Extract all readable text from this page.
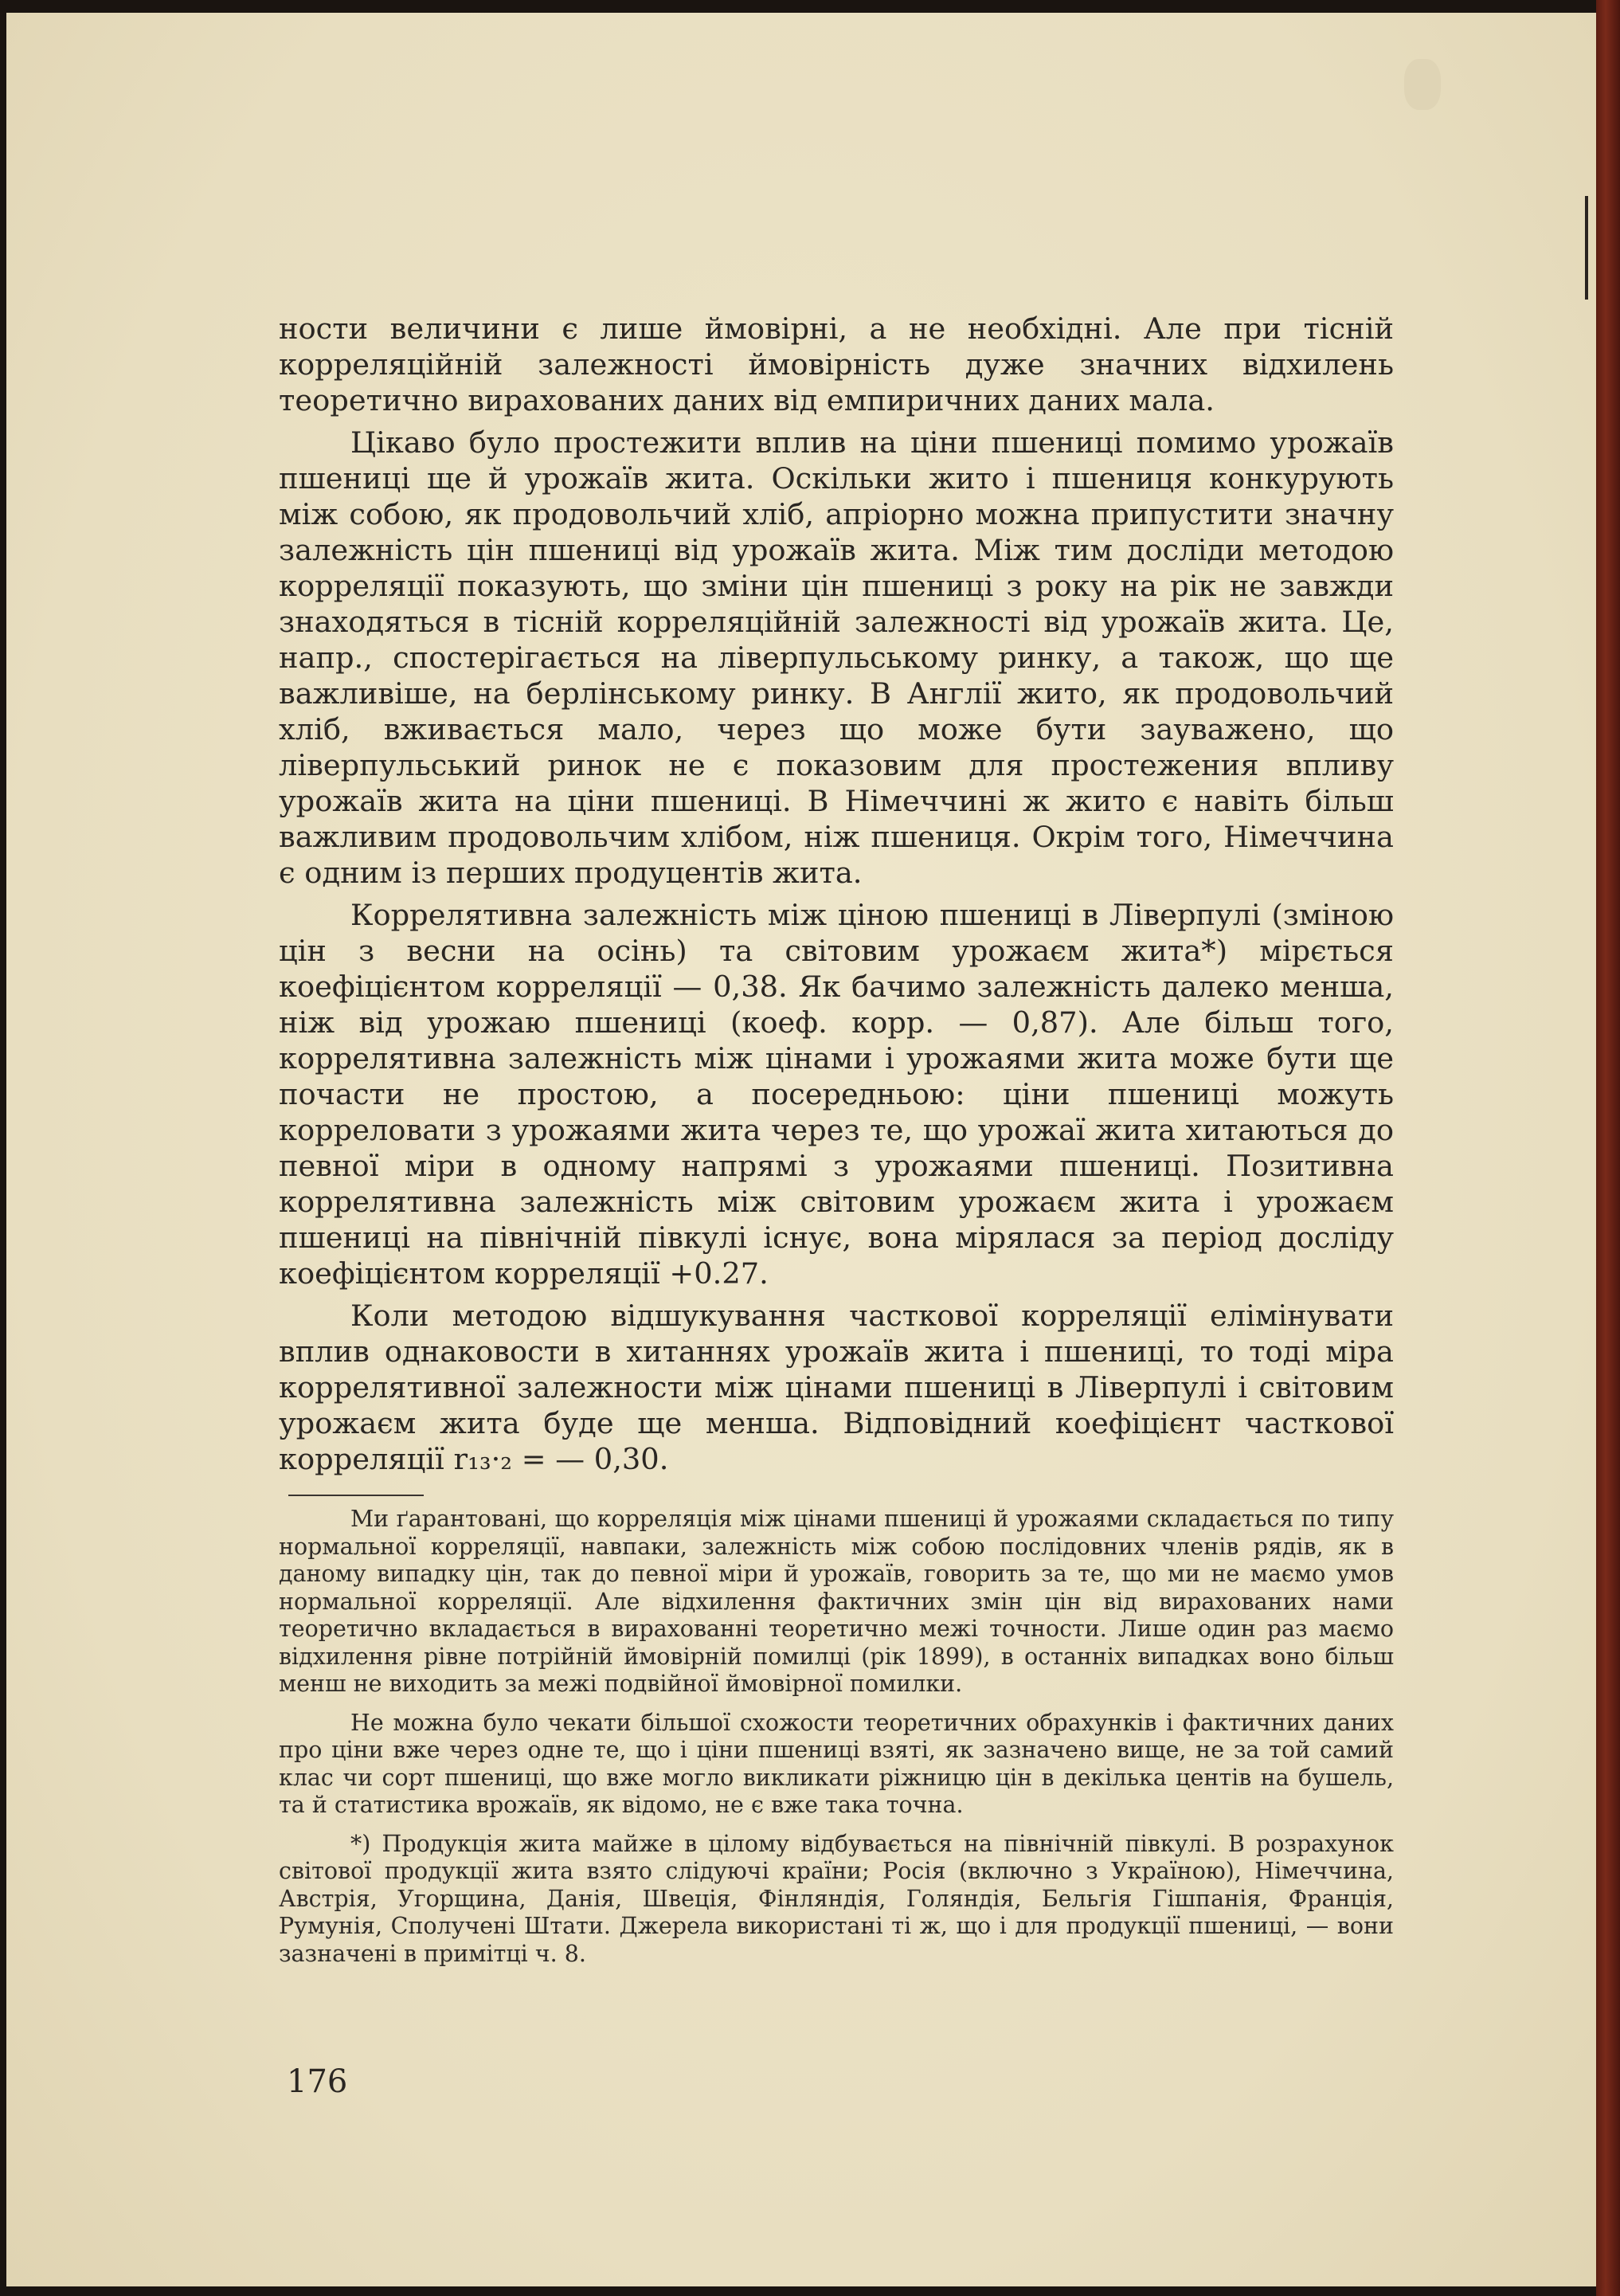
ности величини є лише ймовірні, а не необхідні. Але при тісній корреляційній залежності ймовірність дуже значних відхилень теоретично вирахованих даних від емпиричних даних мала.

Цікаво було простежити вплив на ціни пшениці помимо урожаїв пшениці ще й урожаїв жита. Оскільки жито і пшениця конкурують між собою, як продовольчий хліб, апріорно можна припустити значну залежність цін пшениці від урожаїв жита. Між тим досліди методою корреляції показують, що зміни цін пшениці з року на рік не завжди знаходяться в тісній корреляційній залежності від урожаїв жита. Це, напр., спостерігається на ліверпульському ринку, а також, що ще важливіше, на берлінському ринку. В Англії жито, як продовольчий хліб, вживається мало, через що може бути зауважено, що ліверпульський ринок не є показовим для простежения впливу урожаїв жита на ціни пшениці. В Німеччині ж жито є навіть більш важливим продовольчим хлібом, ніж пшениця. Окрім того, Німеччина є одним із перших продуцентів жита.

Коррелятивна залежність між ціною пшениці в Ліверпулі (зміною цін з весни на осінь) та світовим урожаєм жита*) мірється коефіцієнтом корреляції — 0,38. Як бачимо залежність далеко менша, ніж від урожаю пшениці (коеф. корр. — 0,87). Але більш того, коррелятивна залежність між цінами і урожаями жита може бути ще почасти не простою, а посередньою: ціни пшениці можуть корреловати з урожаями жита через те, що урожаї жита хитаються до певної міри в одному напрямі з урожаями пшениці. Позитивна коррелятивна залежність між світовим урожаєм жита і урожаєм пшениці на північній півкулі існує, вона мірялася за період досліду коефіцієнтом корреляції +0.27.

Коли методою відшукування часткової корреляції елімінувати вплив однаковости в хитаннях урожаїв жита і пшениці, то тоді міра коррелятивної залежности між цінами пшениці в Ліверпулі і світовим урожаєм жита буде ще менша. Відповідний коефіцієнт часткової корреляції r₁₃·₂ = — 0,30.

Ми ґарантовані, що корреляція між цінами пшениці й урожаями складається по типу нормальної корреляції, навпаки, залежність між собою послідовних членів рядів, як в даному випадку цін, так до певної міри й урожаїв, говорить за те, що ми не маємо умов нормальної корреляції. Але відхилення фактичних змін цін від вирахованих нами теоретично вкладається в вирахованні теоретично межі точности. Лише один раз маємо відхилення рівне потрійній ймовірній помилці (рік 1899), в останніх випадках воно більш менш не виходить за межі подвійної ймовірної помилки.

Не можна було чекати більшої схожости теоретичних обрахунків і фактичних даних про ціни вже через одне те, що і ціни пшениці взяті, як зазначено вище, не за той самий клас чи сорт пшениці, що вже могло викликати ріжницю цін в декілька центів на бушель, та й статистика врожаїв, як відомо, не є вже така точна.

*) Продукція жита майже в цілому відбувається на північній півкулі. В розрахунок світової продукції жита взято слідуючі країни; Росія (включно з Україною), Німеччина, Австрія, Угорщина, Данія, Швеція, Фінляндія, Голяндія, Бельгія Гішпанія, Франція, Румунія, Сполучені Штати. Джерела використані ті ж, що і для продукції пшениці, — вони зазначені в примітці ч. 8.

176
